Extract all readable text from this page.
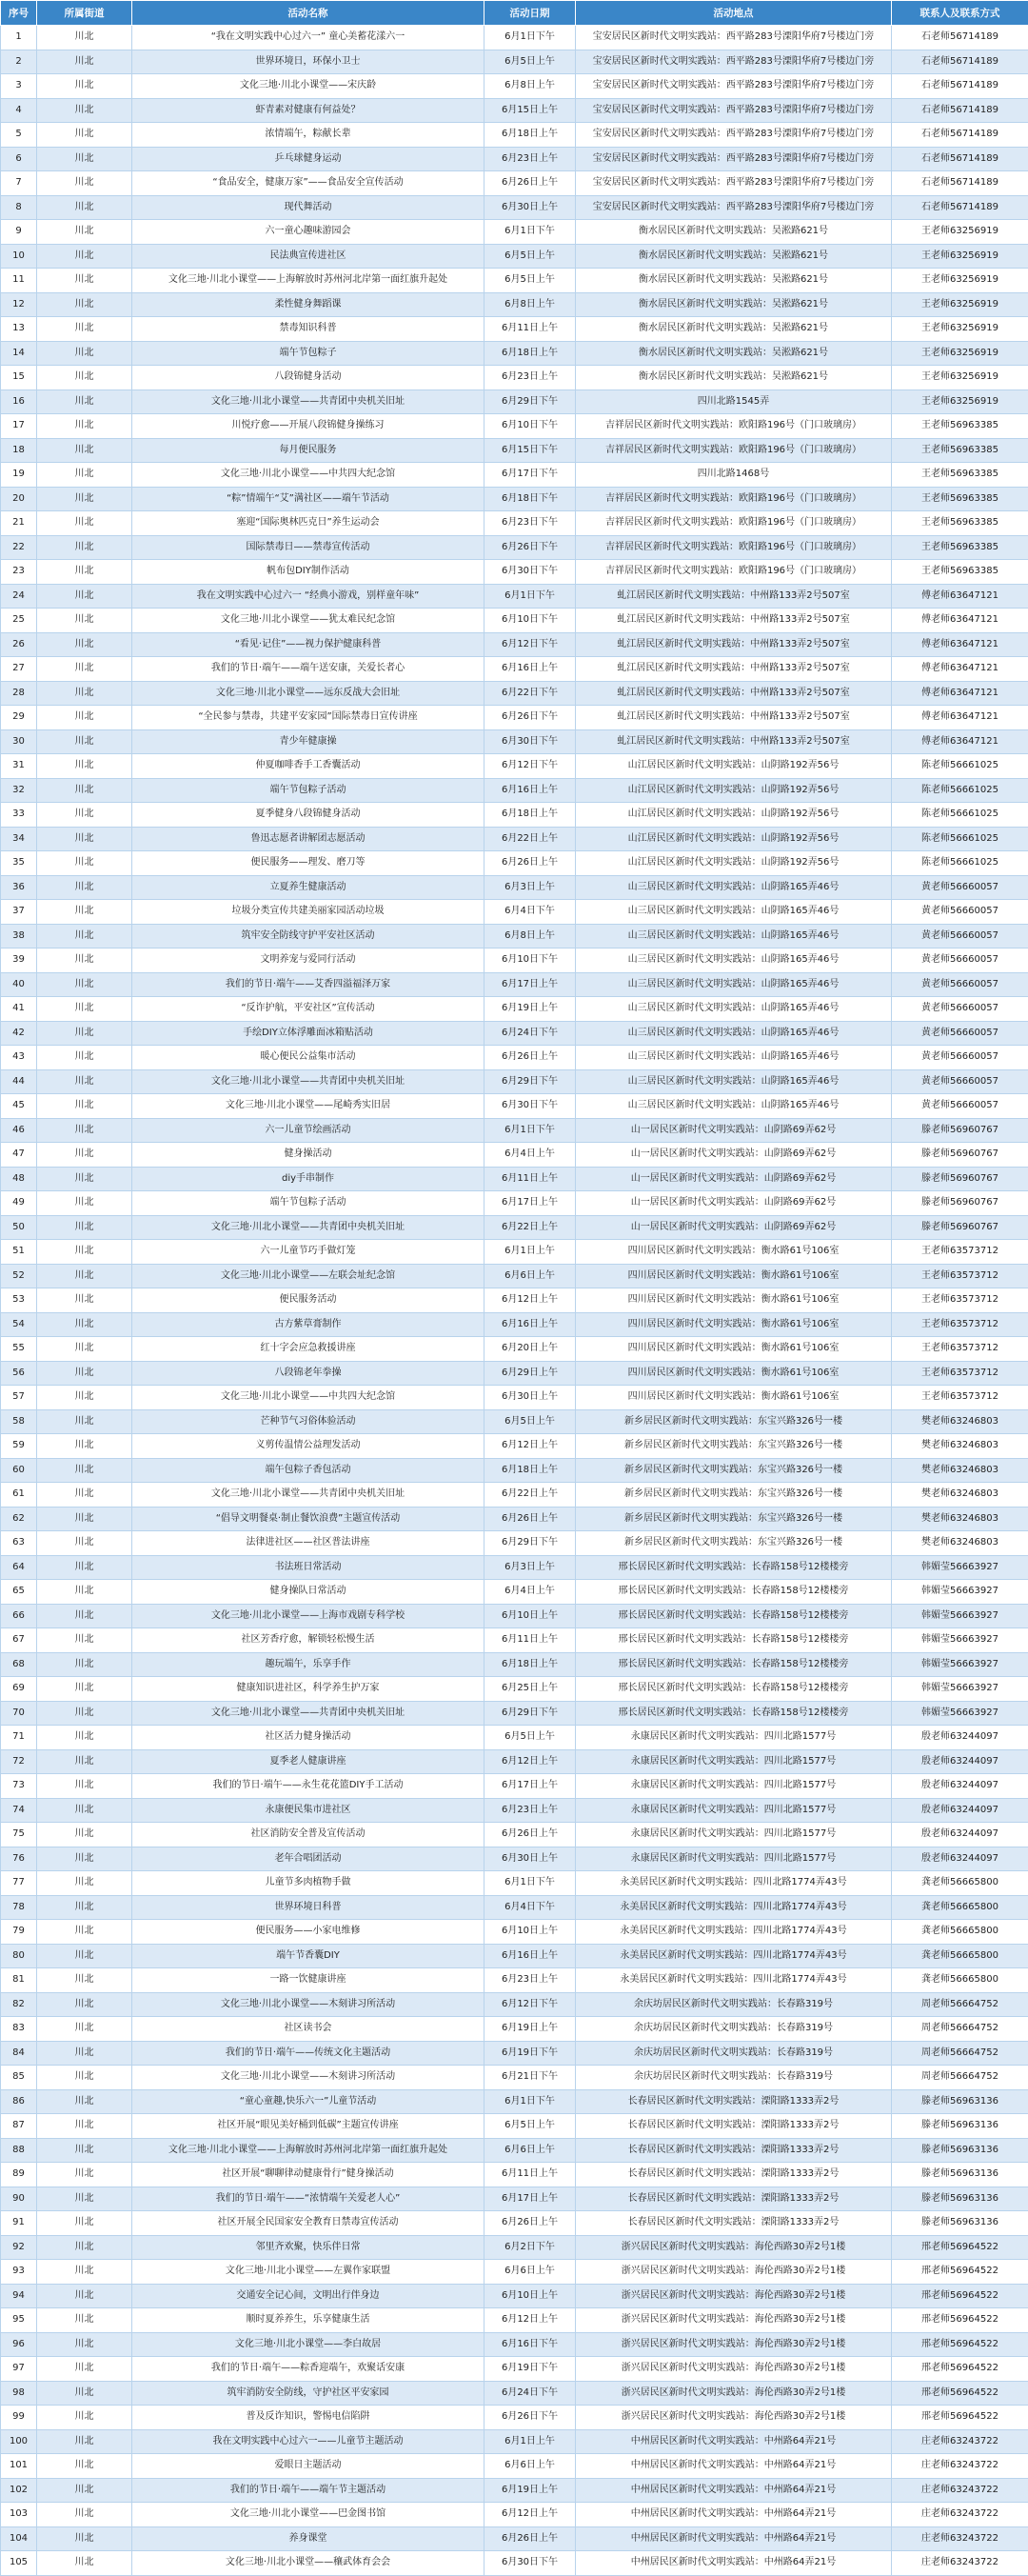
序号	所属街道	活动名称	活动日期	活动地点	联系人及联系方式
1	川北	“我在文明实践中心过六一” 童心美蓄花漾六一	6月1日下午	宝安居民区新时代文明实践站：西平路283号溧阳华府7号楼边门旁	石老师56714189
2	川北	世界环境日，环保小卫士	6月5日上午	宝安居民区新时代文明实践站：西平路283号溧阳华府7号楼边门旁	石老师56714189
3	川北	文化三地·川北小课堂——宋庆龄	6月8日上午	宝安居民区新时代文明实践站：西平路283号溧阳华府7号楼边门旁	石老师56714189
4	川北	虾青素对健康有何益处？	6月15日上午	宝安居民区新时代文明实践站：西平路283号溧阳华府7号楼边门旁	石老师56714189
5	川北	浓情端午，粽献长辈	6月18日上午	宝安居民区新时代文明实践站：西平路283号溧阳华府7号楼边门旁	石老师56714189
6	川北	乒乓球健身运动	6月23日上午	宝安居民区新时代文明实践站：西平路283号溧阳华府7号楼边门旁	石老师56714189
7	川北	“食品安全，健康万家”——食品安全宣传活动	6月26日上午	宝安居民区新时代文明实践站：西平路283号溧阳华府7号楼边门旁	石老师56714189
8	川北	现代舞活动	6月30日上午	宝安居民区新时代文明实践站：西平路283号溧阳华府7号楼边门旁	石老师56714189
9	川北	六一童心趣味游园会	6月1日下午	衡水居民区新时代文明实践站：吴淞路621号	王老师63256919
10	川北	民法典宣传进社区	6月5日上午	衡水居民区新时代文明实践站：吴淞路621号	王老师63256919
11	川北	文化三地·川北小课堂——上海解放时苏州河北岸第一面红旗升起处	6月5日上午	衡水居民区新时代文明实践站：吴淞路621号	王老师63256919
12	川北	柔性健身舞蹈课	6月8日上午	衡水居民区新时代文明实践站：吴淞路621号	王老师63256919
13	川北	禁毒知识科普	6月11日上午	衡水居民区新时代文明实践站：吴淞路621号	王老师63256919
14	川北	端午节包粽子	6月18日上午	衡水居民区新时代文明实践站：吴淞路621号	王老师63256919
15	川北	八段锦健身活动	6月23日上午	衡水居民区新时代文明实践站：吴淞路621号	王老师63256919
16	川北	文化三地·川北小课堂——共青团中央机关旧址	6月29日下午	四川北路1545弄	王老师63256919
17	川北	川悦疗愈——开展八段锦健身操练习	6月10日下午	吉祥居民区新时代文明实践站：欧阳路196号（门口玻璃房）	王老师56963385
18	川北	每月便民服务	6月15日下午	吉祥居民区新时代文明实践站：欧阳路196号（门口玻璃房）	王老师56963385
19	川北	文化三地·川北小课堂——中共四大纪念馆	6月17日下午	四川北路1468号	王老师56963385
20	川北	“粽”情端午“艾”满社区——端午节活动	6月18日下午	吉祥居民区新时代文明实践站：欧阳路196号（门口玻璃房）	王老师56963385
21	川北	塞迎“国际奥林匹克日”养生运动会	6月23日下午	吉祥居民区新时代文明实践站：欧阳路196号（门口玻璃房）	王老师56963385
22	川北	国际禁毒日——禁毒宣传活动	6月26日下午	吉祥居民区新时代文明实践站：欧阳路196号（门口玻璃房）	王老师56963385
23	川北	帆布包DIY制作活动	6月30日下午	吉祥居民区新时代文明实践站：欧阳路196号（门口玻璃房）	王老师56963385
24	川北	我在文明实践中心过六一 “经典小游戏，别样童年味”	6月1日下午	虬江居民区新时代文明实践站：中州路133弄2号507室	傅老师63647121
25	川北	文化三地·川北小课堂——犹太难民纪念馆	6月10日下午	虬江居民区新时代文明实践站：中州路133弄2号507室	傅老师63647121
26	川北	“看见·记住”——视力保护健康科普	6月12日下午	虬江居民区新时代文明实践站：中州路133弄2号507室	傅老师63647121
27	川北	我们的节日·端午——端午送安康，关爱长者心	6月16日上午	虬江居民区新时代文明实践站：中州路133弄2号507室	傅老师63647121
28	川北	文化三地·川北小课堂——远东反战大会旧址	6月22日下午	虬江居民区新时代文明实践站：中州路133弄2号507室	傅老师63647121
29	川北	“全民参与禁毒，共建平安家园”国际禁毒日宣传讲座	6月26日下午	虬江居民区新时代文明实践站：中州路133弄2号507室	傅老师63647121
30	川北	青少年健康操	6月30日下午	虬江居民区新时代文明实践站：中州路133弄2号507室	傅老师63647121
31	川北	仲夏咖啡香手工香囊活动	6月12日下午	山江居民区新时代文明实践站：山阴路192弄56号	陈老师56661025
32	川北	端午节包粽子活动	6月16日上午	山江居民区新时代文明实践站：山阴路192弄56号	陈老师56661025
33	川北	夏季健身八段锦健身活动	6月18日上午	山江居民区新时代文明实践站：山阴路192弄56号	陈老师56661025
34	川北	鲁迅志愿者讲解团志愿活动	6月22日上午	山江居民区新时代文明实践站：山阴路192弄56号	陈老师56661025
35	川北	便民服务——理发、磨刀等	6月26日上午	山江居民区新时代文明实践站：山阴路192弄56号	陈老师56661025
36	川北	立夏养生健康活动	6月3日上午	山三居民区新时代文明实践站：山阴路165弄46号	黄老师56660057
37	川北	垃圾分类宣传共建美丽家园活动垃圾	6月4日下午	山三居民区新时代文明实践站：山阴路165弄46号	黄老师56660057
38	川北	筑牢安全防线守护平安社区活动	6月8日上午	山三居民区新时代文明实践站：山阴路165弄46号	黄老师56660057
39	川北	文明养宠与爱同行活动	6月10日下午	山三居民区新时代文明实践站：山阴路165弄46号	黄老师56660057
40	川北	我们的节日·端午——艾香四溢福泽万家	6月17日上午	山三居民区新时代文明实践站：山阴路165弄46号	黄老师56660057
41	川北	“反诈护航，平安社区”宣传活动	6月19日上午	山三居民区新时代文明实践站：山阴路165弄46号	黄老师56660057
42	川北	手绘DIY立体浮雕面冰箱贴活动	6月24日下午	山三居民区新时代文明实践站：山阴路165弄46号	黄老师56660057
43	川北	暖心便民公益集市活动	6月26日上午	山三居民区新时代文明实践站：山阴路165弄46号	黄老师56660057
44	川北	文化三地·川北小课堂——共青团中央机关旧址	6月29日下午	山三居民区新时代文明实践站：山阴路165弄46号	黄老师56660057
45	川北	文化三地·川北小课堂——尾崎秀实旧居	6月30日下午	山三居民区新时代文明实践站：山阴路165弄46号	黄老师56660057
46	川北	六一儿童节绘画活动	6月1日下午	山一居民区新时代文明实践站：山阴路69弄62号	滕老师56960767
47	川北	健身操活动	6月4日上午	山一居民区新时代文明实践站：山阴路69弄62号	滕老师56960767
48	川北	diy手串制作	6月11日上午	山一居民区新时代文明实践站：山阴路69弄62号	滕老师56960767
49	川北	端午节包粽子活动	6月17日上午	山一居民区新时代文明实践站：山阴路69弄62号	滕老师56960767
50	川北	文化三地·川北小课堂——共青团中央机关旧址	6月22日上午	山一居民区新时代文明实践站：山阴路69弄62号	滕老师56960767
51	川北	六一儿童节巧手做灯笼	6月1日上午	四川居民区新时代文明实践站：衡水路61号106室	王老师63573712
52	川北	文化三地·川北小课堂——左联会址纪念馆	6月6日上午	四川居民区新时代文明实践站：衡水路61号106室	王老师63573712
53	川北	便民服务活动	6月12日上午	四川居民区新时代文明实践站：衡水路61号106室	王老师63573712
54	川北	古方紫草膏制作	6月16日上午	四川居民区新时代文明实践站：衡水路61号106室	王老师63573712
55	川北	红十字会应急救援讲座	6月20日上午	四川居民区新时代文明实践站：衡水路61号106室	王老师63573712
56	川北	八段锦老年拳操	6月29日上午	四川居民区新时代文明实践站：衡水路61号106室	王老师63573712
57	川北	文化三地·川北小课堂——中共四大纪念馆	6月30日上午	四川居民区新时代文明实践站：衡水路61号106室	王老师63573712
58	川北	芒种节气习俗体验活动	6月5日上午	新乡居民区新时代文明实践站：东宝兴路326号一楼	樊老师63246803
59	川北	义剪传温情公益理发活动	6月12日上午	新乡居民区新时代文明实践站：东宝兴路326号一楼	樊老师63246803
60	川北	端午包粽子香包活动	6月18日上午	新乡居民区新时代文明实践站：东宝兴路326号一楼	樊老师63246803
61	川北	文化三地·川北小课堂——共青团中央机关旧址	6月22日上午	新乡居民区新时代文明实践站：东宝兴路326号一楼	樊老师63246803
62	川北	“倡导文明餐桌·制止餐饮浪费”主题宣传活动	6月26日上午	新乡居民区新时代文明实践站：东宝兴路326号一楼	樊老师63246803
63	川北	法律进社区——社区普法讲座	6月29日下午	新乡居民区新时代文明实践站：东宝兴路326号一楼	樊老师63246803
64	川北	书法班日常活动	6月3日上午	邢长居民区新时代文明实践站：长春路158号12楼楼旁	韩媚莹56663927
65	川北	健身操队日常活动	6月4日上午	邢长居民区新时代文明实践站：长春路158号12楼楼旁	韩媚莹56663927
66	川北	文化三地·川北小课堂——上海市戏剧专科学校	6月10日上午	邢长居民区新时代文明实践站：长春路158号12楼楼旁	韩媚莹56663927
67	川北	社区芳香疗愈，解锁轻松慢生活	6月11日上午	邢长居民区新时代文明实践站：长春路158号12楼楼旁	韩媚莹56663927
68	川北	趣玩端午，乐享手作	6月18日上午	邢长居民区新时代文明实践站：长春路158号12楼楼旁	韩媚莹56663927
69	川北	健康知识进社区，科学养生护万家	6月25日上午	邢长居民区新时代文明实践站：长春路158号12楼楼旁	韩媚莹56663927
70	川北	文化三地·川北小课堂——共青团中央机关旧址	6月29日下午	邢长居民区新时代文明实践站：长春路158号12楼楼旁	韩媚莹56663927
71	川北	社区活力健身操活动	6月5日上午	永康居民区新时代文明实践站：四川北路1577号	殷老师63244097
72	川北	夏季老人健康讲座	6月12日上午	永康居民区新时代文明实践站：四川北路1577号	殷老师63244097
73	川北	我们的节日·端午——永生花花篮DIY手工活动	6月17日上午	永康居民区新时代文明实践站：四川北路1577号	殷老师63244097
74	川北	永康便民集市进社区	6月23日上午	永康居民区新时代文明实践站：四川北路1577号	殷老师63244097
75	川北	社区消防安全普及宣传活动	6月26日上午	永康居民区新时代文明实践站：四川北路1577号	殷老师63244097
76	川北	老年合唱团活动	6月30日上午	永康居民区新时代文明实践站：四川北路1577号	殷老师63244097
77	川北	儿童节多肉植物手做	6月1日下午	永美居民区新时代文明实践站：四川北路1774弄43号	龚老师56665800
78	川北	世界环境日科普	6月4日下午	永美居民区新时代文明实践站：四川北路1774弄43号	龚老师56665800
79	川北	便民服务——小家电维修	6月10日上午	永美居民区新时代文明实践站：四川北路1774弄43号	龚老师56665800
80	川北	端午节香囊DIY	6月16日上午	永美居民区新时代文明实践站：四川北路1774弄43号	龚老师56665800
81	川北	一路一饮健康讲座	6月23日上午	永美居民区新时代文明实践站：四川北路1774弄43号	龚老师56665800
82	川北	文化三地·川北小课堂——木刻讲习所活动	6月12日下午	余庆坊居民区新时代文明实践站：长春路319号	周老师56664752
83	川北	社区读书会	6月19日上午	余庆坊居民区新时代文明实践站：长春路319号	周老师56664752
84	川北	我们的节日·端午——传统文化主题活动	6月19日下午	余庆坊居民区新时代文明实践站：长春路319号	周老师56664752
85	川北	文化三地·川北小课堂——木刻讲习所活动	6月21日下午	余庆坊居民区新时代文明实践站：长春路319号	周老师56664752
86	川北	“童心童趣,快乐六一”儿童节活动	6月1日下午	长春居民区新时代文明实践站：溧阳路1333弄2号	滕老师56963136
87	川北	社区开展“眼见美好桶到低碳”主题宣传讲座	6月5日上午	长春居民区新时代文明实践站：溧阳路1333弄2号	滕老师56963136
88	川北	文化三地·川北小课堂——上海解放时苏州河北岸第一面红旗升起处	6月6日上午	长春居民区新时代文明实践站：溧阳路1333弄2号	滕老师56963136
89	川北	社区开展“聊聊律动健康骨行”健身操活动	6月11日上午	长春居民区新时代文明实践站：溧阳路1333弄2号	滕老师56963136
90	川北	我们的节日·端午——“浓情端午关爱老人心”	6月17日上午	长春居民区新时代文明实践站：溧阳路1333弄2号	滕老师56963136
91	川北	社区开展全民国家安全教育日禁毒宣传活动	6月26日上午	长春居民区新时代文明实践站：溧阳路1333弄2号	滕老师56963136
92	川北	邻里齐欢聚，快乐伴日常	6月2日下午	浙兴居民区新时代文明实践站：海伦西路30弄2号1楼	邢老师56964522
93	川北	文化三地·川北小课堂——左翼作家联盟	6月6日上午	浙兴居民区新时代文明实践站：海伦西路30弄2号1楼	邢老师56964522
94	川北	交通安全记心间，文明出行伴身边	6月10日上午	浙兴居民区新时代文明实践站：海伦西路30弄2号1楼	邢老师56964522
95	川北	顺时夏养养生，乐享健康生活	6月12日上午	浙兴居民区新时代文明实践站：海伦西路30弄2号1楼	邢老师56964522
96	川北	文化三地·川北小课堂——李白故居	6月16日下午	浙兴居民区新时代文明实践站：海伦西路30弄2号1楼	邢老师56964522
97	川北	我们的节日·端午——粽香迎端午，欢聚话安康	6月19日下午	浙兴居民区新时代文明实践站：海伦西路30弄2号1楼	邢老师56964522
98	川北	筑牢消防安全防线，守护社区平安家园	6月24日下午	浙兴居民区新时代文明实践站：海伦西路30弄2号1楼	邢老师56964522
99	川北	普及反诈知识，警惕电信陷阱	6月26日下午	浙兴居民区新时代文明实践站：海伦西路30弄2号1楼	邢老师56964522
100	川北	我在文明实践中心过六一——儿童节主题活动	6月1日上午	中州居民区新时代文明实践站：中州路64弄21号	庄老师63243722
101	川北	爱眼日主题活动	6月6日上午	中州居民区新时代文明实践站：中州路64弄21号	庄老师63243722
102	川北	我们的节日·端午——端午节主题活动	6月19日上午	中州居民区新时代文明实践站：中州路64弄21号	庄老师63243722
103	川北	文化三地·川北小课堂——巴金图书馆	6月12日上午	中州居民区新时代文明实践站：中州路64弄21号	庄老师63243722
104	川北	养身课堂	6月26日上午	中州居民区新时代文明实践站：中州路64弄21号	庄老师63243722
105	川北	文化三地·川北小课堂——穰武体育会会	6月30日下午	中州居民区新时代文明实践站：中州路64弄21号	庄老师63243722
